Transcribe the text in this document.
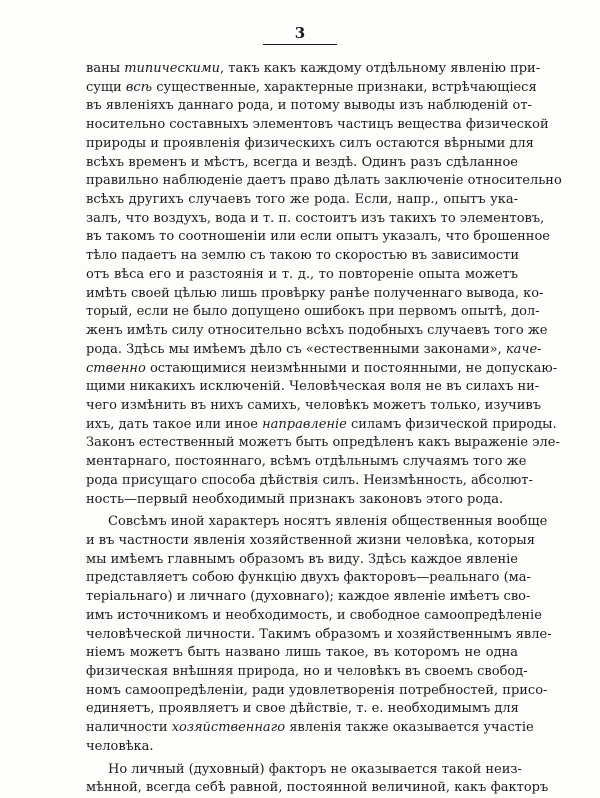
3
ваны типическими, такъ какъ каждому отдѣльному явленію при-
сущи всѣ существенные, характерные признаки, встрѣчающіеся
въ явленіяхъ даннаго рода, и потому выводы изъ наблюденій от-
носительно составныхъ элементовъ частицъ вещества физической
природы и проявленія физическихъ силъ остаются вѣрными для
всѣхъ временъ и мѣстъ, всегда и вездѣ. Одинъ разъ сдѣланное
правильно наблюденіе даетъ право дѣлать заключеніе относительно
всѣхъ другихъ случаевъ того же рода. Если, напр., опытъ ука-
залъ, что воздухъ, вода и т. п. состоитъ изъ такихъ то элементовъ,
въ такомъ то соотношеніи или если опытъ указалъ, что брошенное
тѣло падаетъ на землю съ такою то скоростью въ зависимости
отъ вѣса его и разстоянія и т. д., то повтореніе опыта можетъ
имѣть своей цѣлью лишь провѣрку ранѣе полученнаго вывода, ко-
торый, если не было допущено ошибокъ при первомъ опытѣ, дол-
женъ имѣть силу относительно всѣхъ подобныхъ случаевъ того же
рода. Здѣсь мы имѣемъ дѣло съ «естественными законами», каче-
ственно остающимися неизмѣнными и постоянными, не допускаю-
щими никакихъ исключеній. Человѣческая воля не въ силахъ ни-
чего измѣнить въ нихъ самихъ, человѣкъ можетъ только, изучивъ
ихъ, дать такое или иное направленіе силамъ физической природы.
Законъ естественный можетъ быть опредѣленъ какъ выраженіе эле-
ментарнаго, постояннаго, всѣмъ отдѣльнымъ случаямъ того же
рода присущаго способа дѣйствія силъ. Неизмѣнность, абсолют-
ность—первый необходимый признакъ законовъ этого рода.
Совсѣмъ иной характеръ носятъ явленія общественныя вообще
и въ частности явленія хозяйственной жизни человѣка, которыя
мы имѣемъ главнымъ образомъ въ виду. Здѣсь каждое явленіе
представляетъ собою функцію двухъ факторовъ—реальнаго (ма-
теріальнаго) и личнаго (духовнаго); каждое явленіе имѣетъ сво-
имъ источникомъ и необходимость, и свободное самоопредѣленіе
человѣческой личности. Такимъ образомъ и хозяйственнымъ явле-
ніемъ можетъ быть названо лишь такое, въ которомъ не одна
физическая внѣшняя природа, но и человѣкъ въ своемъ свобод-
номъ самоопредѣленіи, ради удовлетворенія потребностей, присо-
единяетъ, проявляетъ и свое дѣйствіе, т. е. необходимымъ для
наличности хозяйственнаго явленія также оказывается участіе
человѣка.
Но личный (духовный) факторъ не оказывается такой неиз-
мѣнной, всегда себѣ равной, постоянной величиной, какъ факторъ
